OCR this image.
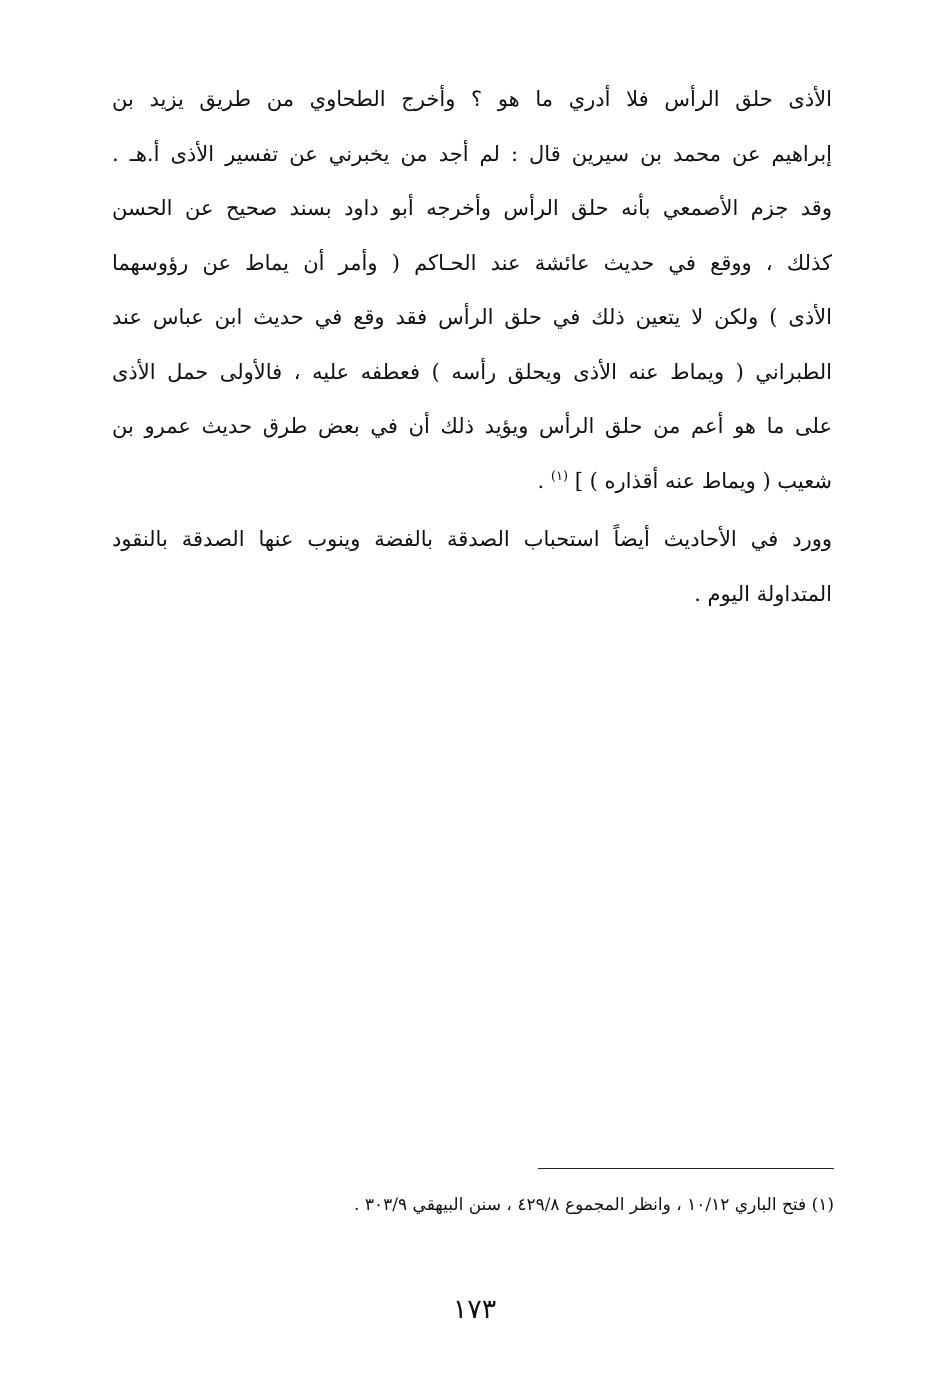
الأذى حلق الرأس فلا أدري ما هو ؟ وأخرج الطحاوي من طريق يزيد بن
إبراهيم عن محمد بن سيرين قال : لم أجد من يخبرني عن تفسير الأذى أ.هـ .
وقد جزم الأصمعي بأنه حلق الرأس وأخرجه أبو داود بسند صحيح عن الحسن
كذلك ، ووقع في حديث عائشة عند الحـاكم ( وأمر أن يماط عن رؤوسهما
الأذى ) ولكن لا يتعين ذلك في حلق الرأس فقد وقع في حديث ابن عباس عند
الطبراني ( ويماط عنه الأذى ويحلق رأسه ) فعطفه عليه ، فالأولى حمل الأذى
على ما هو أعم من حلق الرأس ويؤيد ذلك أن في بعض طرق حديث عمرو بن
شعيب ( ويماط عنه أقذاره ) ] $^{(١)}$ .

وورد في الأحاديث أيضاً استحباب الصدقة بالفضة وينوب عنها الصدقة بالنقود
المتداولة اليوم .

(١) فتح الباري ١٠/١٢ ، وانظر المجموع ٤٢٩/٨ ، سنن البيهقي ٣٠٣/٩ .
١٧٣
